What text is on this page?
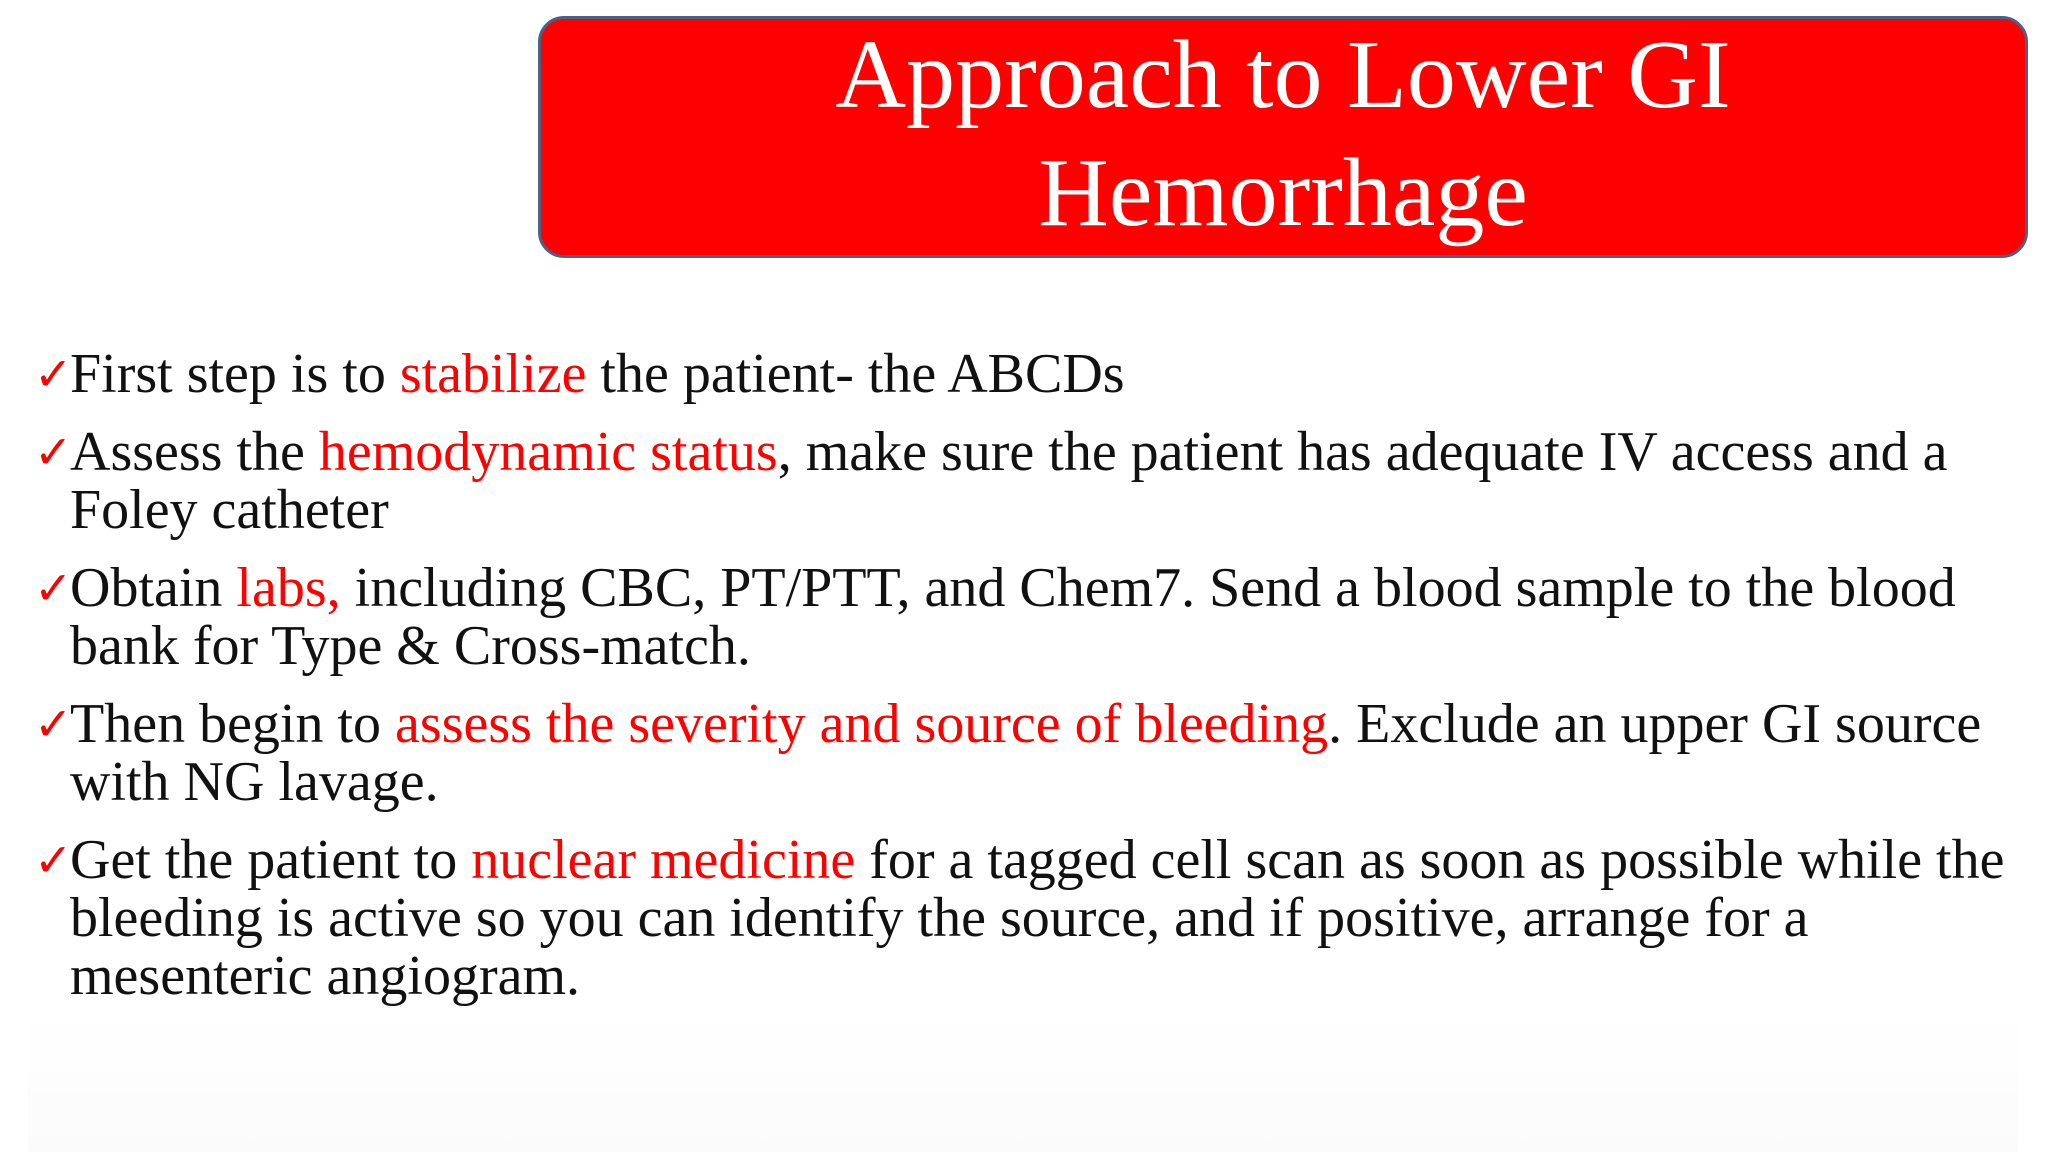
Approach to Lower GI
Hemorrhage
✓
First step is to stabilize the patient- the ABCDs
✓
Assess the hemodynamic status, make sure the patient has adequate IV access and a Foley catheter
✓
Obtain labs, including CBC, PT/PTT, and Chem7. Send a blood sample to the blood bank for Type & Cross-match.
✓
Then begin to assess the severity and source of bleeding. Exclude an upper GI source with NG lavage.
✓
Get the patient to nuclear medicine for a tagged cell scan as soon as possible while the bleeding is active so you can identify the source, and if positive, arrange for a mesenteric angiogram.
